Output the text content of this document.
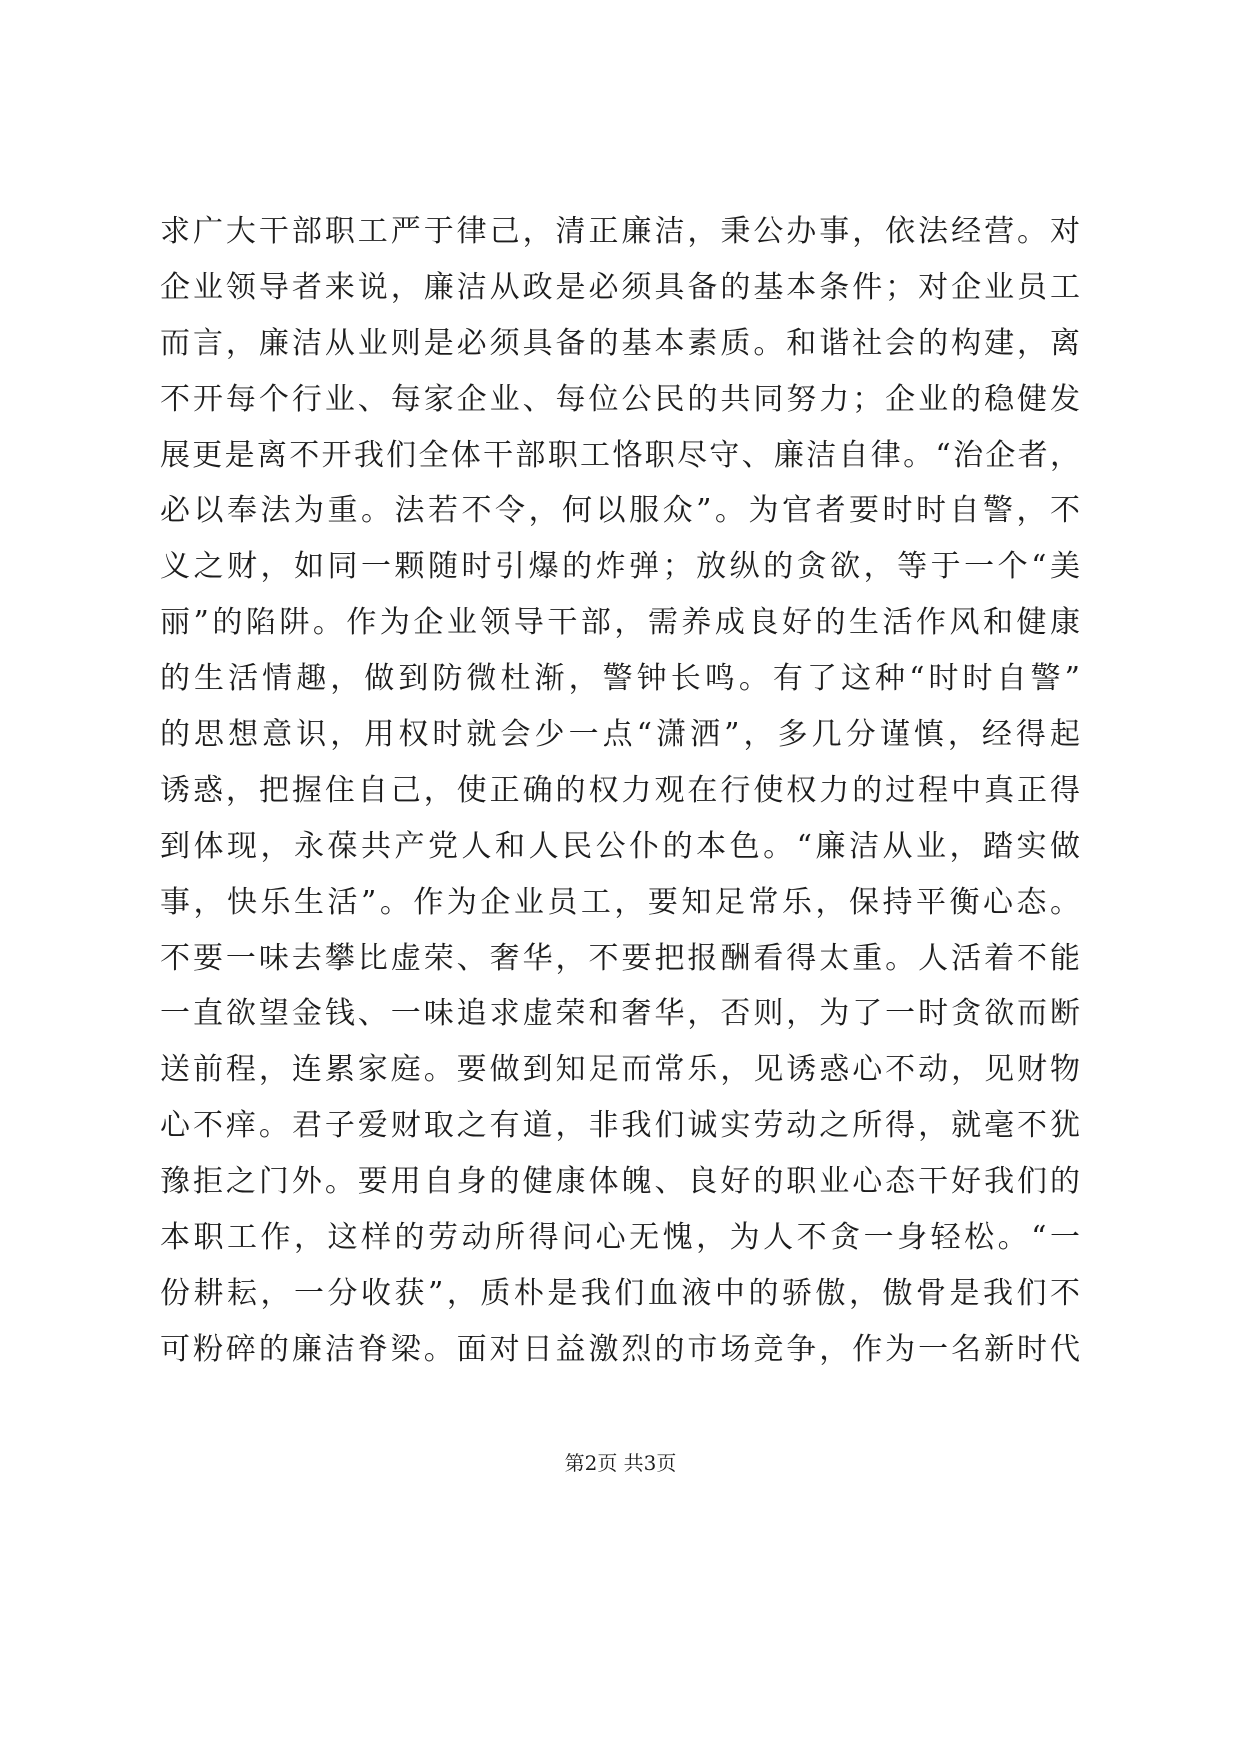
求广大干部职工严于律己，清正廉洁，秉公办事，依法经营。对
企业领导者来说，廉洁从政是必须具备的基本条件；对企业员工
而言，廉洁从业则是必须具备的基本素质。和谐社会的构建，离
不开每个行业、每家企业、每位公民的共同努力；企业的稳健发
展更是离不开我们全体干部职工恪职尽守、廉洁自律。“治企者，
必以奉法为重。法若不令，何以服众”。为官者要时时自警，不
义之财，如同一颗随时引爆的炸弹；放纵的贪欲，等于一个“美
丽”的陷阱。作为企业领导干部，需养成良好的生活作风和健康
的生活情趣，做到防微杜渐，警钟长鸣。有了这种“时时自警”
的思想意识，用权时就会少一点“潇洒”，多几分谨慎，经得起
诱惑，把握住自己，使正确的权力观在行使权力的过程中真正得
到体现，永葆共产党人和人民公仆的本色。“廉洁从业，踏实做
事，快乐生活”。作为企业员工，要知足常乐，保持平衡心态。
不要一味去攀比虚荣、奢华，不要把报酬看得太重。人活着不能
一直欲望金钱、一味追求虚荣和奢华，否则，为了一时贪欲而断
送前程，连累家庭。要做到知足而常乐，见诱惑心不动，见财物
心不痒。君子爱财取之有道，非我们诚实劳动之所得，就毫不犹
豫拒之门外。要用自身的健康体魄、良好的职业心态干好我们的
本职工作，这样的劳动所得问心无愧，为人不贪一身轻松。“一
份耕耘，一分收获”，质朴是我们血液中的骄傲，傲骨是我们不
可粉碎的廉洁脊梁。面对日益激烈的市场竞争，作为一名新时代
第2页 共3页
